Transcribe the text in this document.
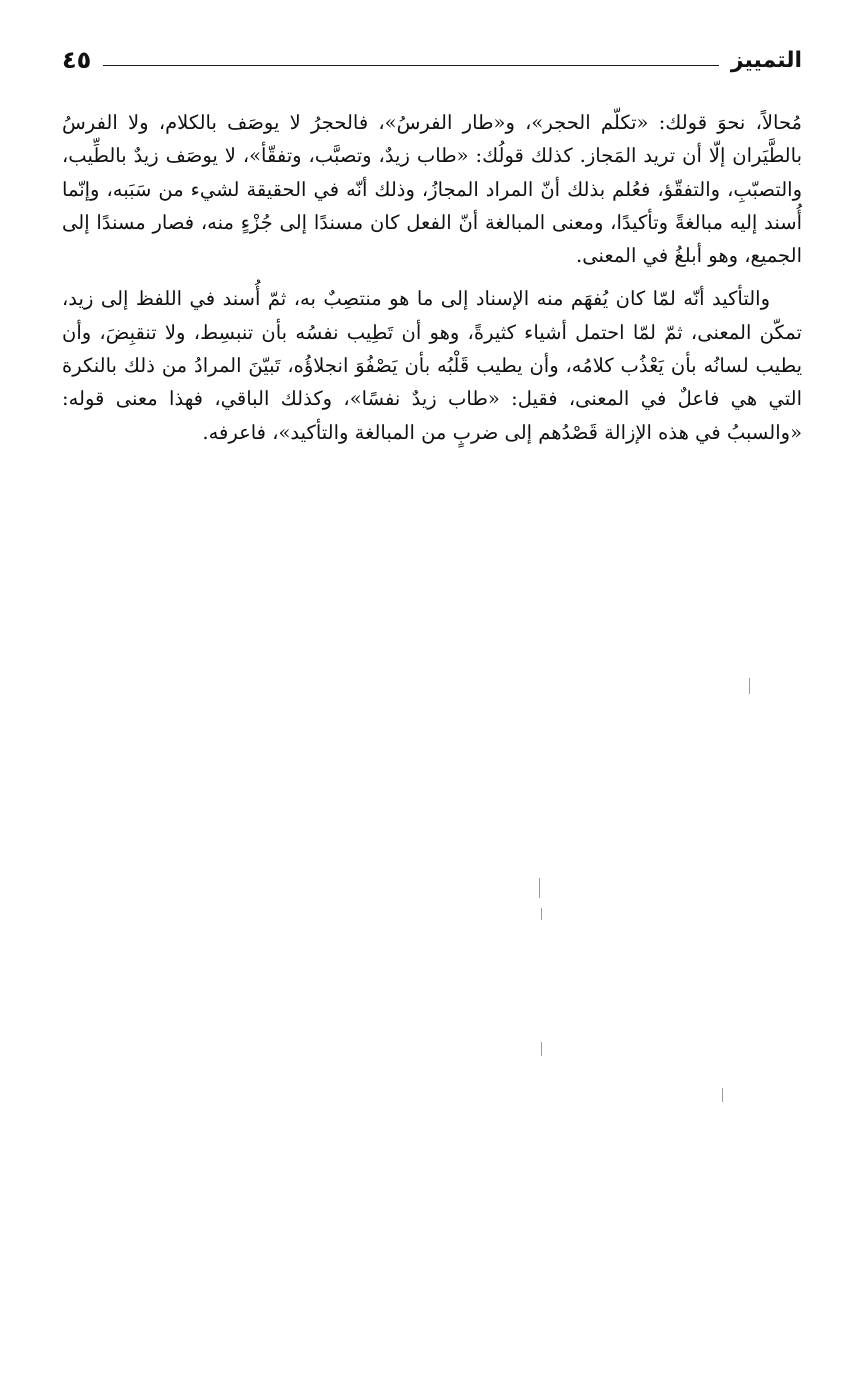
التمييز
٤٥

مُحالاً، نحوَ قولك: «تكلّم الحجر»، و«طار الفرسُ»، فالحجرُ لا يوصَف بالكلام، ولا الفرسُ بالطَّيَران إلّا أن تريد المَجاز. كذلك قولُك: «طاب زيدٌ، وتصبَّب، وتفقّأ»، لا يوصَف زيدٌ بالطِّيب، والتصبّبِ، والتفقّؤ، فعُلم بذلك أنّ المراد المجازُ، وذلك أنّه في الحقيقة لشيء من سَبَبه، وإنّما أُسند إليه مبالغةً وتأكيدًا، ومعنى المبالغة أنّ الفعل كان مسندًا إلى جُزْءٍ منه، فصار مسندًا إلى الجميع، وهو أبلغُ في المعنى.

والتأكيد أنّه لمّا كان يُفهَم منه الإسناد إلى ما هو منتصِبٌ به، ثمّ أُسند في اللفظ إلى زيد، تمكّن المعنى، ثمّ لمّا احتمل أشياء كثيرةً، وهو أن تَطِيب نفسُه بأن تنبسِط، ولا تنقبِضَ، وأن يطيب لسانُه بأن يَعْذُب كلامُه، وأن يطيب قَلْبُه بأن يَصْفُوَ انجلاؤُه، تَبيّنَ المرادُ من ذلك بالنكرة التي هي فاعلٌ في المعنى، فقيل: «طاب زيدٌ نفسًا»، وكذلك الباقي، فهذا معنى قوله: «والسببُ في هذه الإزالة قَصْدُهم إلى ضربٍ من المبالغة والتأكيد»، فاعرفه.
